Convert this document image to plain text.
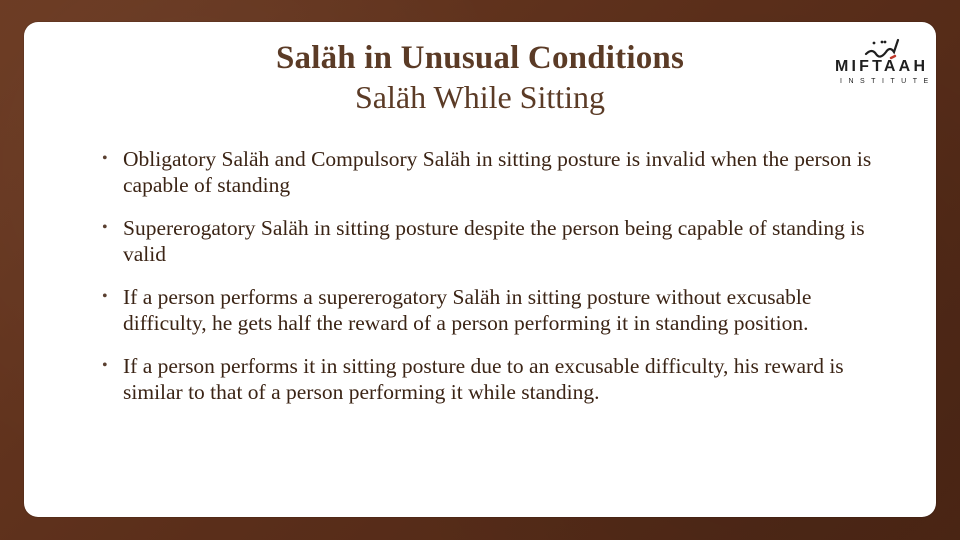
Saläh in Unusual Conditions
Saläh While Sitting
MIFTAAH
INSTITUTE
• Obligatory Saläh and Compulsory Saläh in sitting posture is invalid when the person is capable of standing
• Supererogatory Saläh in sitting posture despite the person being capable of standing is valid
• If a person performs a supererogatory Saläh in sitting posture without excusable difficulty, he gets half the reward of a person performing it in standing position.
• If a person performs it in sitting posture due to an excusable difficulty, his reward is similar to that of a person performing it while standing.
